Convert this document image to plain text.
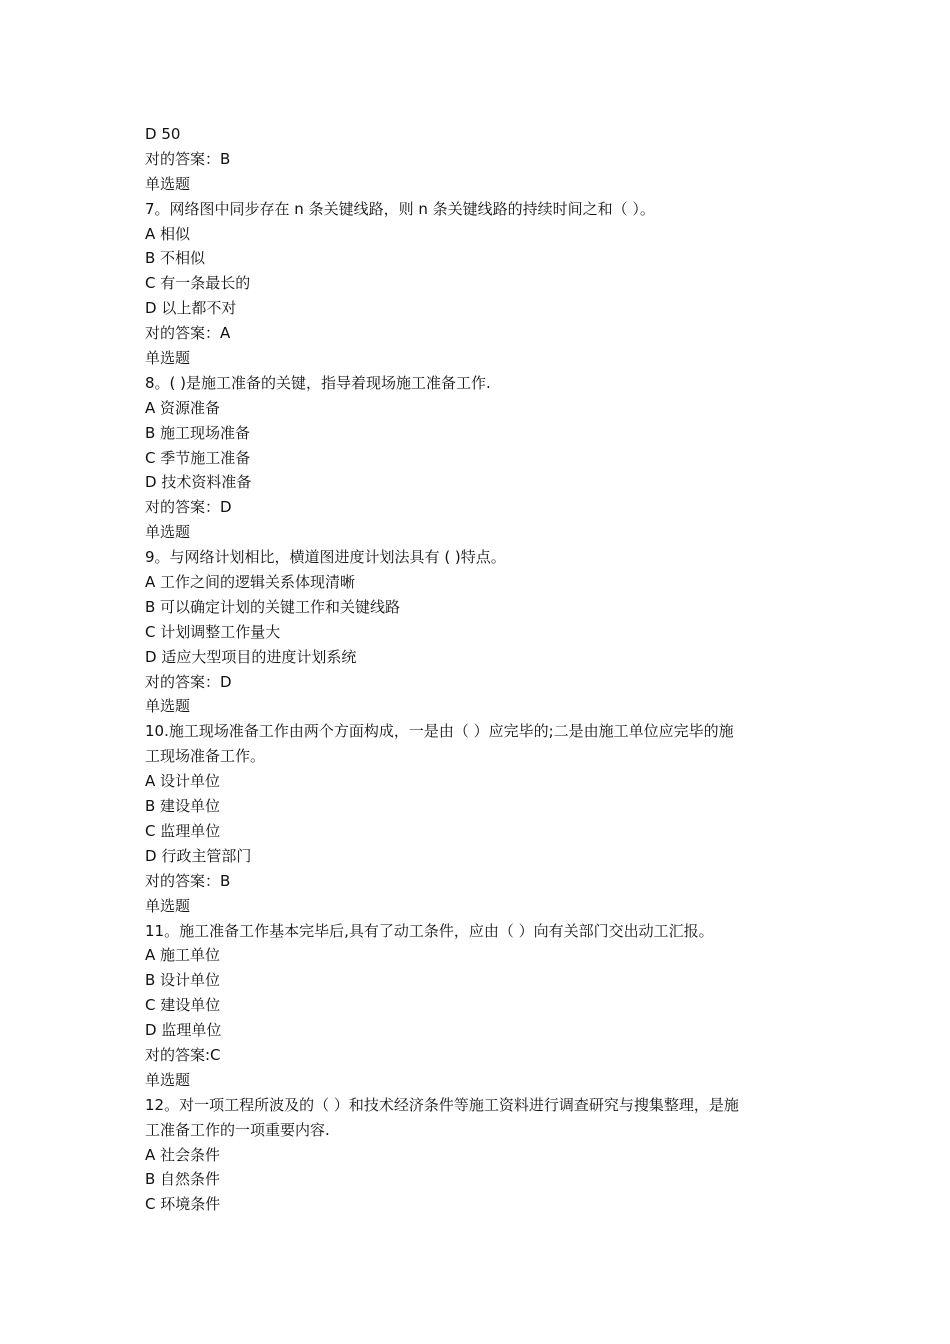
D 50
对的答案：B
单选题
7。网络图中同步存在 n 条关键线路，则 n 条关键线路的持续时间之和（ ）。
A 相似
B 不相似
C 有一条最长的
D 以上都不对
对的答案：A
单选题
8。( )是施工准备的关键，指导着现场施工准备工作.
A 资源准备
B 施工现场准备
C 季节施工准备
D 技术资料准备
对的答案：D
单选题
9。与网络计划相比，横道图进度计划法具有 ( )特点。
A 工作之间的逻辑关系体现清晰
B 可以确定计划的关键工作和关键线路
C 计划调整工作量大
D 适应大型项目的进度计划系统
对的答案：D
单选题
10.施工现场准备工作由两个方面构成，一是由（ ）应完毕的;二是由施工单位应完毕的施
工现场准备工作。
A 设计单位
B 建设单位
C 监理单位
D 行政主管部门
对的答案：B
单选题
11。施工准备工作基本完毕后,具有了动工条件，应由（ ）向有关部门交出动工汇报。
A 施工单位
B 设计单位
C 建设单位
D 监理单位
对的答案:C
单选题
12。对一项工程所波及的（ ）和技术经济条件等施工资料进行调查研究与搜集整理，是施
工准备工作的一项重要内容.
A 社会条件
B 自然条件
C 环境条件
